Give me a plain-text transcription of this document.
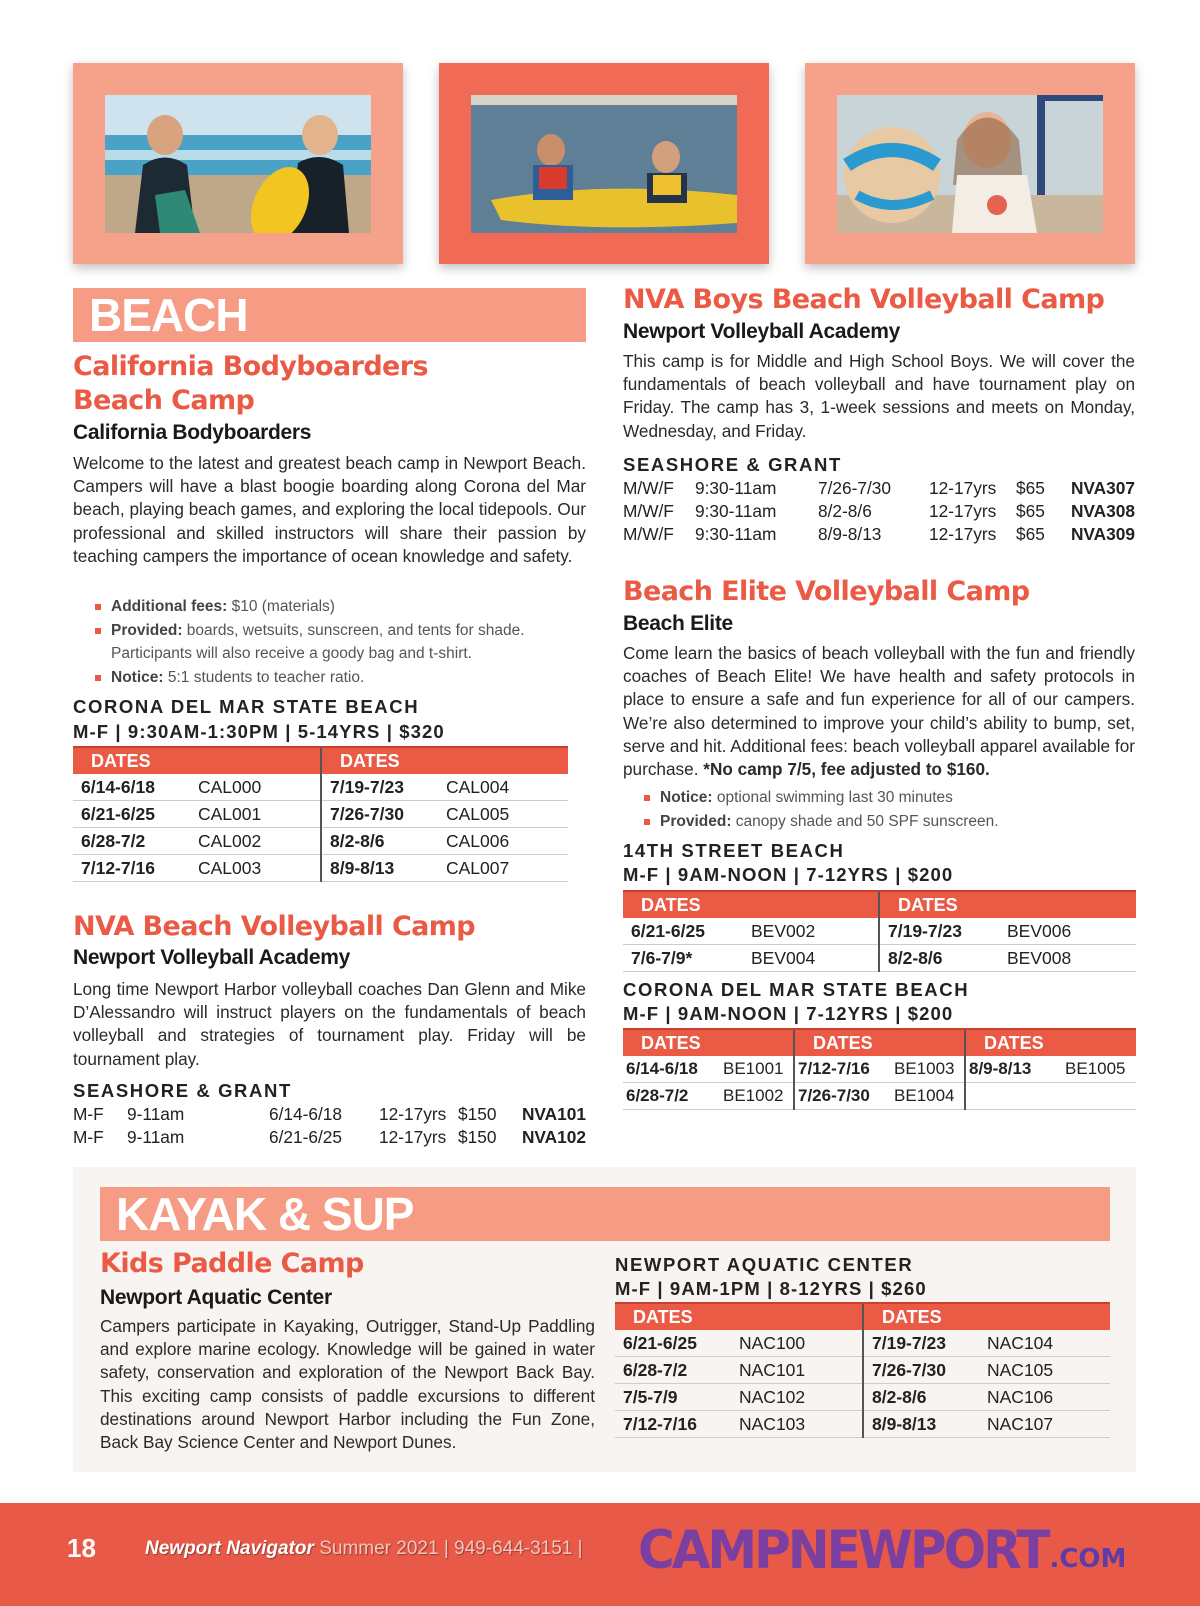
BEACH
California Bodyboarders
Beach Camp
California Bodyboarders
Welcome to the latest and greatest beach camp in Newport Beach. Campers will have a blast boogie boarding along Corona del Mar beach, playing beach games, and exploring the local tidepools. Our professional and skilled instructors will share their passion by teaching campers the importance of ocean knowledge and safety.
Additional fees: $10 (materials)
Provided: boards, wetsuits, sunscreen, and tents for shade. Participants will also receive a goody bag and t-shirt.
Notice: 5:1 students to teacher ratio.
CORONA DEL MAR STATE BEACH
M-F | 9:30AM-1:30PM | 5-14YRS | $320
DATES		DATES	
6/14-6/18	CAL000	7/19-7/23	CAL004
6/21-6/25	CAL001	7/26-7/30	CAL005
6/28-7/2	CAL002	8/2-8/6	CAL006
7/12-7/16	CAL003	8/9-8/13	CAL007
NVA Beach Volleyball Camp
Newport Volleyball Academy
Long time Newport Harbor volleyball coaches Dan Glenn and Mike D’Alessandro will instruct players on the fundamentals of beach volleyball and strategies of tournament play. Friday will be tournament play.
SEASHORE & GRANT
M-F 9-11am	6/14-6/18 12-17yrs $150 NVA101
M-F 9-11am	6/21-6/25 12-17yrs $150 NVA102
NVA Boys Beach Volleyball Camp
Newport Volleyball Academy
This camp is for Middle and High School Boys. We will cover the fundamentals of beach volleyball and have tournament play on Friday. The camp has 3, 1-week sessions and meets on Monday, Wednesday, and Friday.
SEASHORE & GRANT
M/W/F 9:30-11am 7/26-7/30 12-17yrs $65 NVA307
M/W/F 9:30-11am 8/2-8/6	12-17yrs $65 NVA308
M/W/F 9:30-11am 8/9-8/13	12-17yrs $65 NVA309
Beach Elite Volleyball Camp
Beach Elite
Come learn the basics of beach volleyball with the fun and friendly coaches of Beach Elite! We have health and safety protocols in place to ensure a safe and fun experience for all of our campers. We’re also determined to improve your child’s ability to bump, set, serve and hit. Additional fees: beach volleyball apparel available for purchase. *No camp 7/5, fee adjusted to $160.
Notice: optional swimming last 30 minutes
Provided: canopy shade and 50 SPF sunscreen.
14TH STREET BEACH
M-F | 9AM-NOON | 7-12YRS | $200
DATES		DATES	
6/21-6/25	BEV002	7/19-7/23	BEV006
7/6-7/9*	BEV004	8/2-8/6	BEV008
CORONA DEL MAR STATE BEACH
M-F | 9AM-NOON | 7-12YRS | $200
DATES		DATES		DATES	
6/14-6/18	BE1001	7/12-7/16	BE1003	8/9-8/13	BE1005
6/28-7/2	BE1002	7/26-7/30	BE1004		
KAYAK & SUP
Kids Paddle Camp
Newport Aquatic Center
Campers participate in Kayaking, Outrigger, Stand-Up Paddling and explore marine ecology. Knowledge will be gained in water safety, conservation and exploration of the Newport Back Bay. This exciting camp consists of paddle excursions to different destinations around Newport Harbor including the Fun Zone, Back Bay Science Center and Newport Dunes.
NEWPORT AQUATIC CENTER
M-F | 9AM-1PM | 8-12YRS | $260
DATES		DATES	
6/21-6/25	NAC100	7/19-7/23	NAC104
6/28-7/2	NAC101	7/26-7/30	NAC105
7/5-7/9	NAC102	8/2-8/6	NAC106
7/12-7/16	NAC103	8/9-8/13	NAC107
18	Newport Navigator Summer 2021 | 949-644-3151 | CAMPNEWPORT.COM
